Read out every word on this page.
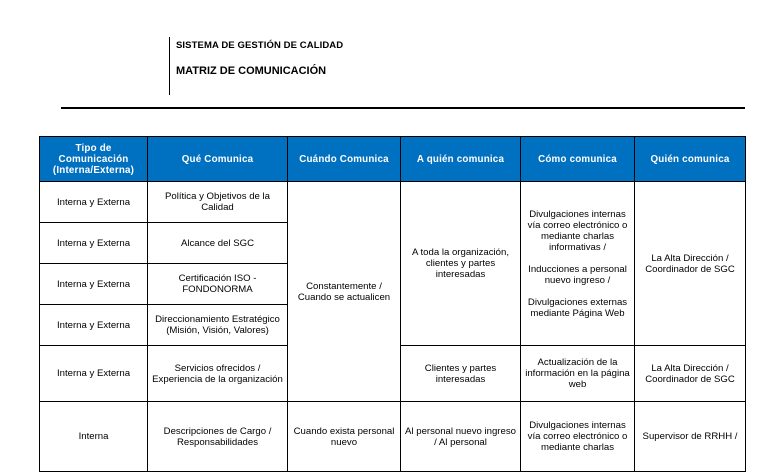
SISTEMA DE GESTIÓN DE CALIDAD
MATRIZ DE COMUNICACIÓN
Tipo de Comunicación (Interna/Externa)	Qué Comunica	Cuándo Comunica	A quién comunica	Cómo comunica	Quién comunica
Interna y Externa	Política y Objetivos de la Calidad	Constantemente / Cuando se actualicen	A toda la organización, clientes y partes interesadas	Divulgaciones internas vía correo electrónico o mediante charlas informativas /
Inducciones a personal nuevo ingreso /
Divulgaciones externas mediante Página Web	La Alta Dirección / Coordinador de SGC
Interna y Externa	Alcance del SGC				
Interna y Externa	Certificación ISO - FONDONORMA				
Interna y Externa	Direccionamiento Estratégico (Misión, Visión, Valores)				
Interna y Externa	Servicios ofrecidos / Experiencia de la organización		Clientes y partes interesadas	Actualización de la información en la página web	La Alta Dirección / Coordinador de SGC
Interna	Descripciones de Cargo / Responsabilidades	Cuando exista personal nuevo	Al personal nuevo ingreso / Al personal	Divulgaciones internas vía correo electrónico o mediante charlas	Supervisor de RRHH /
